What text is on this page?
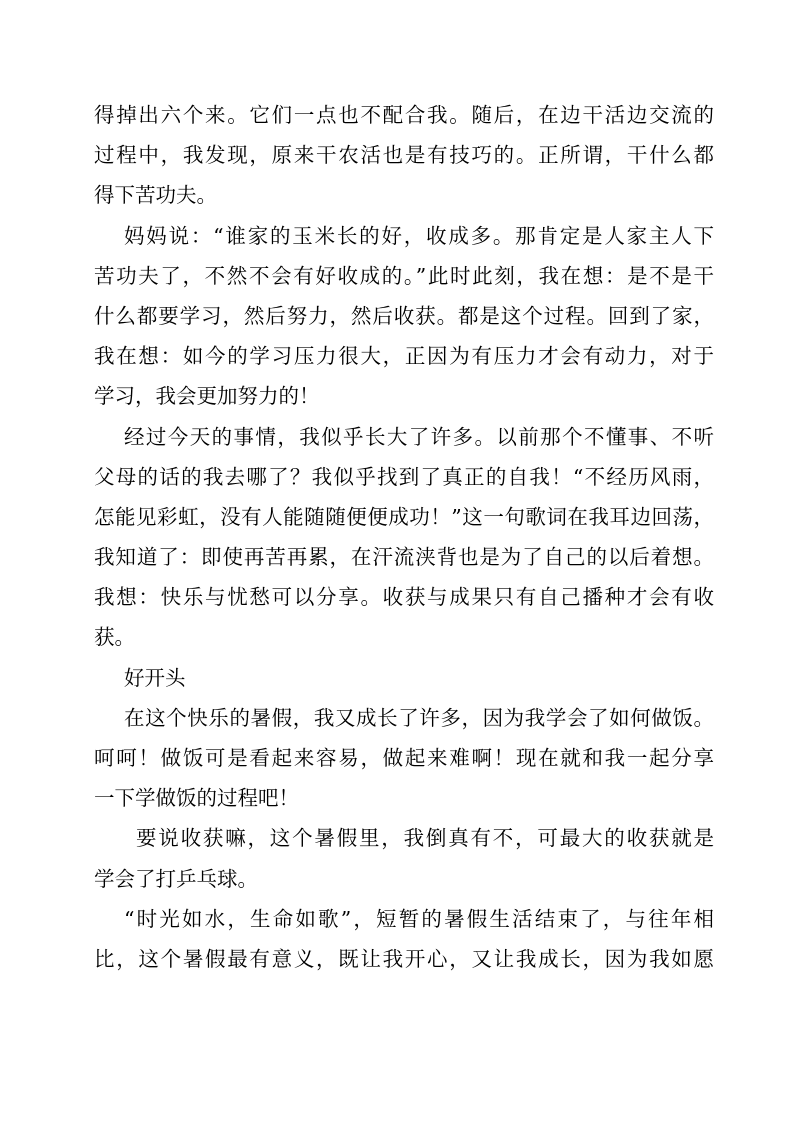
得掉出六个来。它们一点也不配合我。随后，在边干活边交流的
过程中，我发现，原来干农活也是有技巧的。正所谓，干什么都
得下苦功夫。
妈妈说：“谁家的玉米长的好，收成多。那肯定是人家主人下
苦功夫了，不然不会有好收成的。”此时此刻，我在想：是不是干
什么都要学习，然后努力，然后收获。都是这个过程。回到了家，
我在想：如今的学习压力很大，正因为有压力才会有动力，对于
学习，我会更加努力的！
经过今天的事情，我似乎长大了许多。以前那个不懂事、不听
父母的话的我去哪了？我似乎找到了真正的自我！“不经历风雨，
怎能见彩虹，没有人能随随便便成功！”这一句歌词在我耳边回荡，
我知道了：即使再苦再累，在汗流浃背也是为了自己的以后着想。
我想：快乐与忧愁可以分享。收获与成果只有自己播种才会有收
获。
好开头
在这个快乐的暑假，我又成长了许多，因为我学会了如何做饭。
呵呵！做饭可是看起来容易，做起来难啊！现在就和我一起分享
一下学做饭的过程吧！
要说收获嘛，这个暑假里，我倒真有不，可最大的收获就是
学会了打乒乓球。
“时光如水，生命如歌”，短暂的暑假生活结束了，与往年相
比，这个暑假最有意义，既让我开心，又让我成长，因为我如愿
